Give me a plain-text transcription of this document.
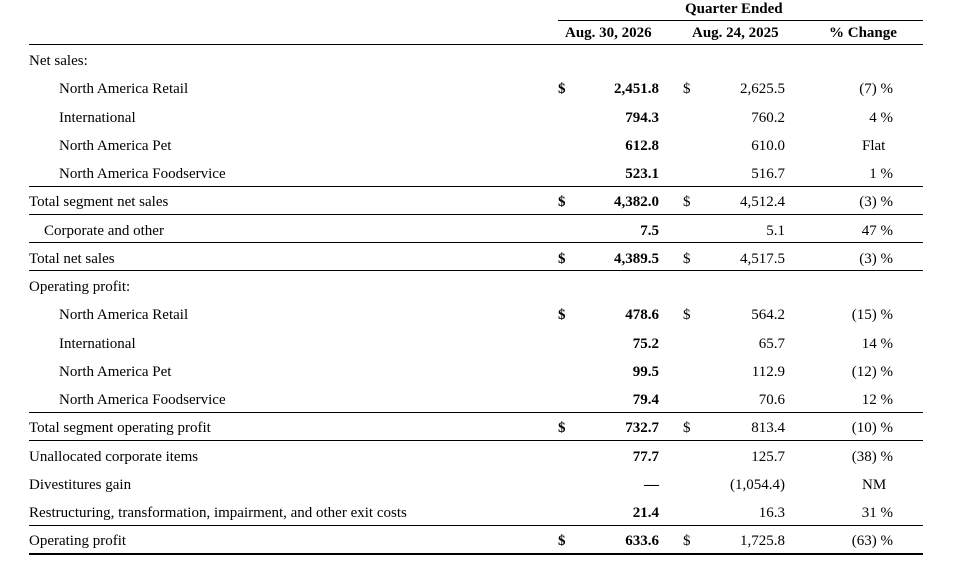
Quarter Ended
Aug. 30, 2026	Aug. 24, 2025	% Change
Net sales:
North America Retail	$	2,451.8 $	2,625.5	(7) %
International	794.3	760.2	4 %
North America Pet	612.8	610.0	Flat
North America Foodservice	523.1	516.7	1 %
Total segment net sales	$	4,382.0 $	4,512.4	(3) %
Corporate and other	7.5	5.1	47 %
Total net sales	$	4,389.5 $	4,517.5	(3) %
Operating profit:
North America Retail	$	478.6 $	564.2	(15) %
International	75.2	65.7	14 %
North America Pet	99.5	112.9	(12) %
North America Foodservice	79.4	70.6	12 %
Total segment operating profit	$	732.7 $	813.4	(10) %
Unallocated corporate items	77.7	125.7	(38) %
Divestitures gain	—	(1,054.4)	NM
Restructuring, transformation, impairment, and other exit costs	21.4	16.3	31 %
Operating profit	$	633.6 $	1,725.8	(63) %
